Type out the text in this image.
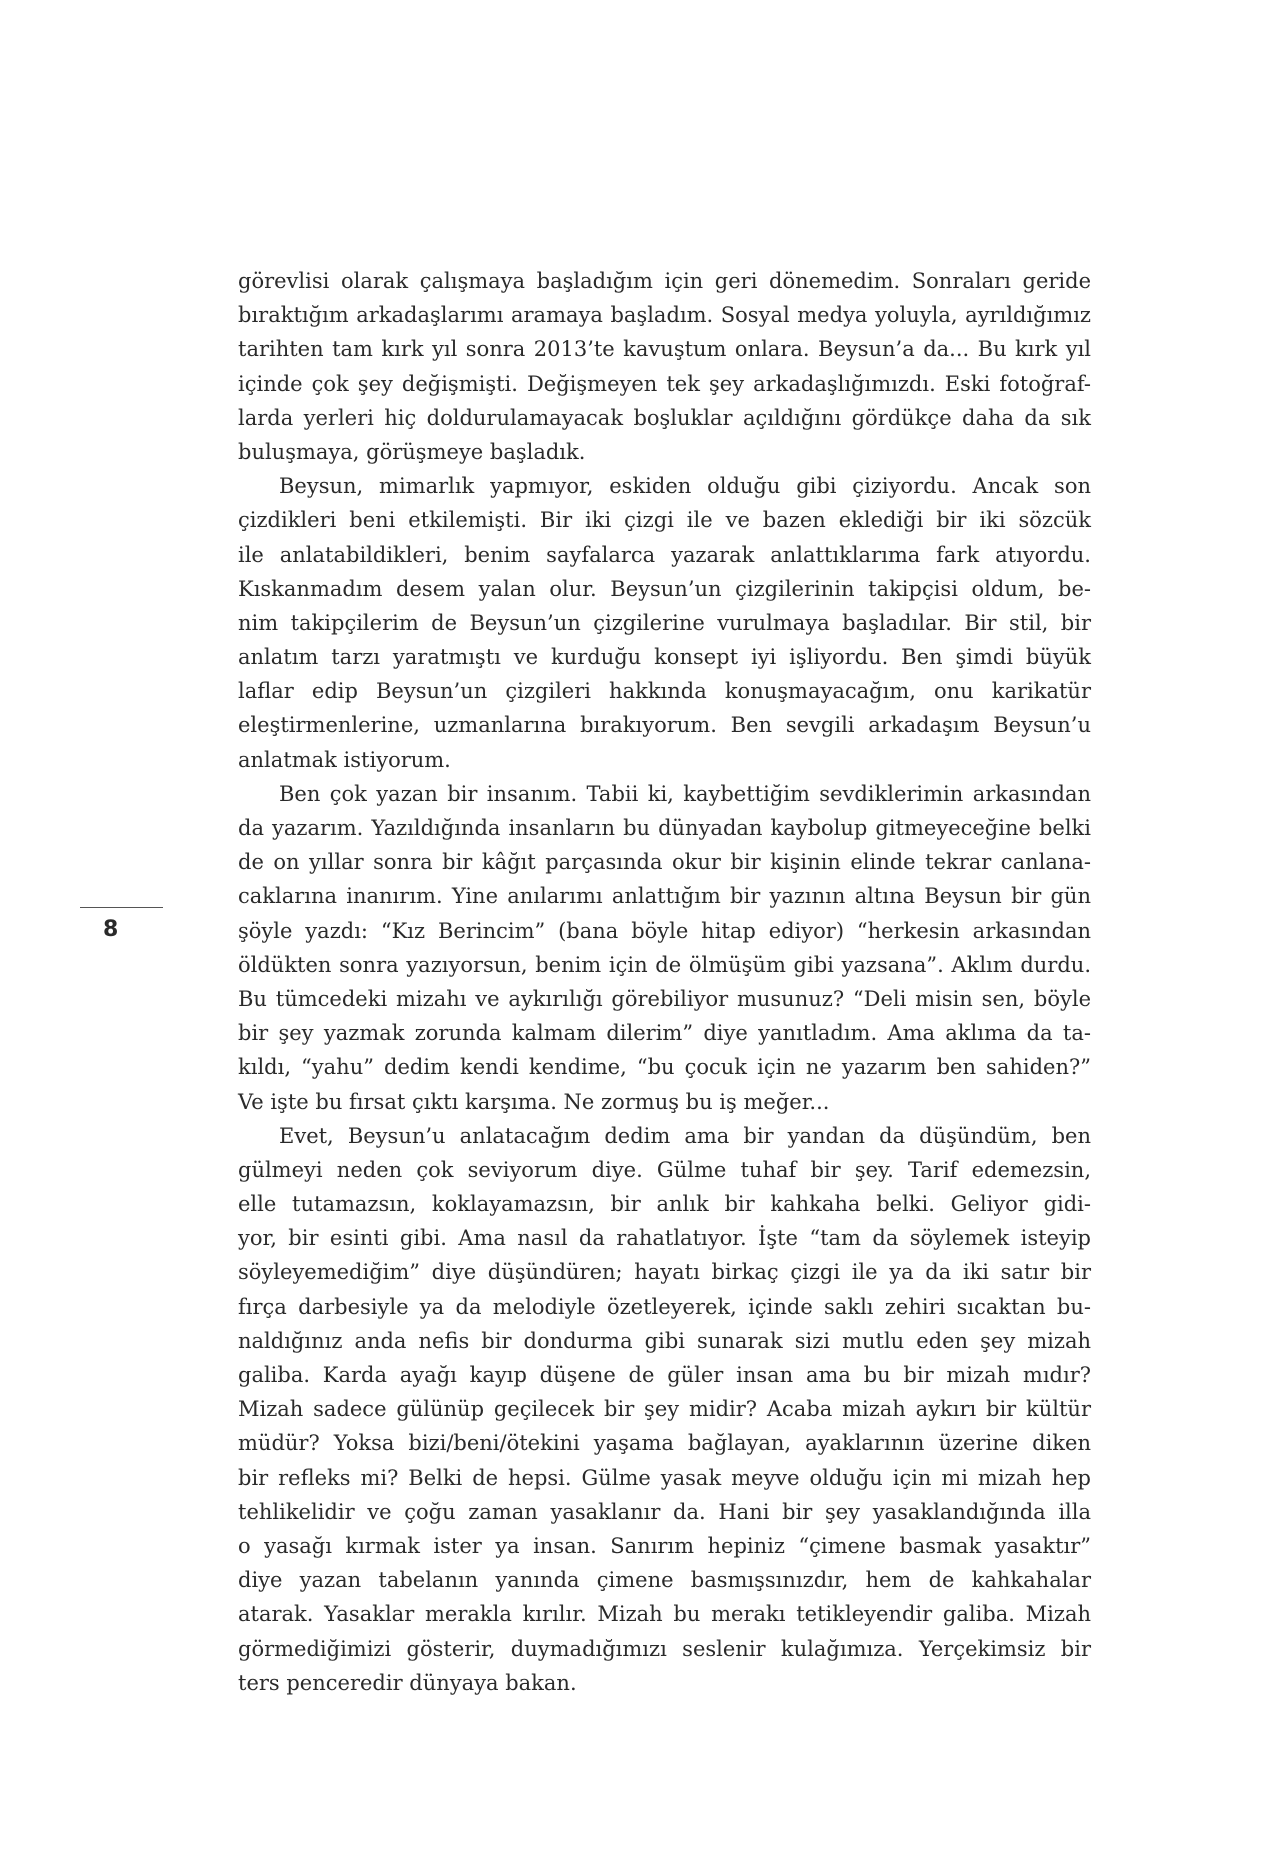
görevlisi olarak çalışmaya başladığım için geri dönemedim. Sonraları geride
bıraktığım arkadaşlarımı aramaya başladım. Sosyal medya yoluyla, ayrıldığımız
tarihten tam kırk yıl sonra 2013’te kavuştum onlara. Beysun’a da... Bu kırk yıl
içinde çok şey değişmişti. Değişmeyen tek şey arkadaşlığımızdı. Eski fotoğraf-
larda yerleri hiç doldurulamayacak boşluklar açıldığını gördükçe daha da sık
buluşmaya, görüşmeye başladık.
Beysun, mimarlık yapmıyor, eskiden olduğu gibi çiziyordu. Ancak son
çizdikleri beni etkilemişti. Bir iki çizgi ile ve bazen eklediği bir iki sözcük
ile anlatabildikleri, benim sayfalarca yazarak anlattıklarıma fark atıyordu.
Kıskanmadım desem yalan olur. Beysun’un çizgilerinin takipçisi oldum, be-
nim takipçilerim de Beysun’un çizgilerine vurulmaya başladılar. Bir stil, bir
anlatım tarzı yaratmıştı ve kurduğu konsept iyi işliyordu. Ben şimdi büyük
laflar edip Beysun’un çizgileri hakkında konuşmayacağım, onu karikatür
eleştirmenlerine, uzmanlarına bırakıyorum. Ben sevgili arkadaşım Beysun’u
anlatmak istiyorum.
Ben çok yazan bir insanım. Tabii ki, kaybettiğim sevdiklerimin arkasından
da yazarım. Yazıldığında insanların bu dünyadan kaybolup gitmeyeceğine belki
de on yıllar sonra bir kâğıt parçasında okur bir kişinin elinde tekrar canlana-
caklarına inanırım. Yine anılarımı anlattığım bir yazının altına Beysun bir gün
şöyle yazdı: “Kız Berincim” (bana böyle hitap ediyor) “herkesin arkasından
öldükten sonra yazıyorsun, benim için de ölmüşüm gibi yazsana”. Aklım durdu.
Bu tümcedeki mizahı ve aykırılığı görebiliyor musunuz? “Deli misin sen, böyle
bir şey yazmak zorunda kalmam dilerim” diye yanıtladım. Ama aklıma da ta-
kıldı, “yahu” dedim kendi kendime, “bu çocuk için ne yazarım ben sahiden?”
Ve işte bu fırsat çıktı karşıma. Ne zormuş bu iş meğer...
Evet, Beysun’u anlatacağım dedim ama bir yandan da düşündüm, ben
gülmeyi neden çok seviyorum diye. Gülme tuhaf bir şey. Tarif edemezsin,
elle tutamazsın, koklayamazsın, bir anlık bir kahkaha belki. Geliyor gidi-
yor, bir esinti gibi. Ama nasıl da rahatlatıyor. İşte “tam da söylemek isteyip
söyleyemediğim” diye düşündüren; hayatı birkaç çizgi ile ya da iki satır bir
fırça darbesiyle ya da melodiyle özetleyerek, içinde saklı zehiri sıcaktan bu-
naldığınız anda nefis bir dondurma gibi sunarak sizi mutlu eden şey mizah
galiba. Karda ayağı kayıp düşene de güler insan ama bu bir mizah mıdır?
Mizah sadece gülünüp geçilecek bir şey midir? Acaba mizah aykırı bir kültür
müdür? Yoksa bizi/beni/ötekini yaşama bağlayan, ayaklarının üzerine diken
bir refleks mi? Belki de hepsi. Gülme yasak meyve olduğu için mi mizah hep
tehlikelidir ve çoğu zaman yasaklanır da. Hani bir şey yasaklandığında illa
o yasağı kırmak ister ya insan. Sanırım hepiniz “çimene basmak yasaktır”
diye yazan tabelanın yanında çimene basmışsınızdır, hem de kahkahalar
atarak. Yasaklar merakla kırılır. Mizah bu merakı tetikleyendir galiba. Mizah
görmediğimizi gösterir, duymadığımızı seslenir kulağımıza. Yerçekimsiz bir
ters penceredir dünyaya bakan.
8
